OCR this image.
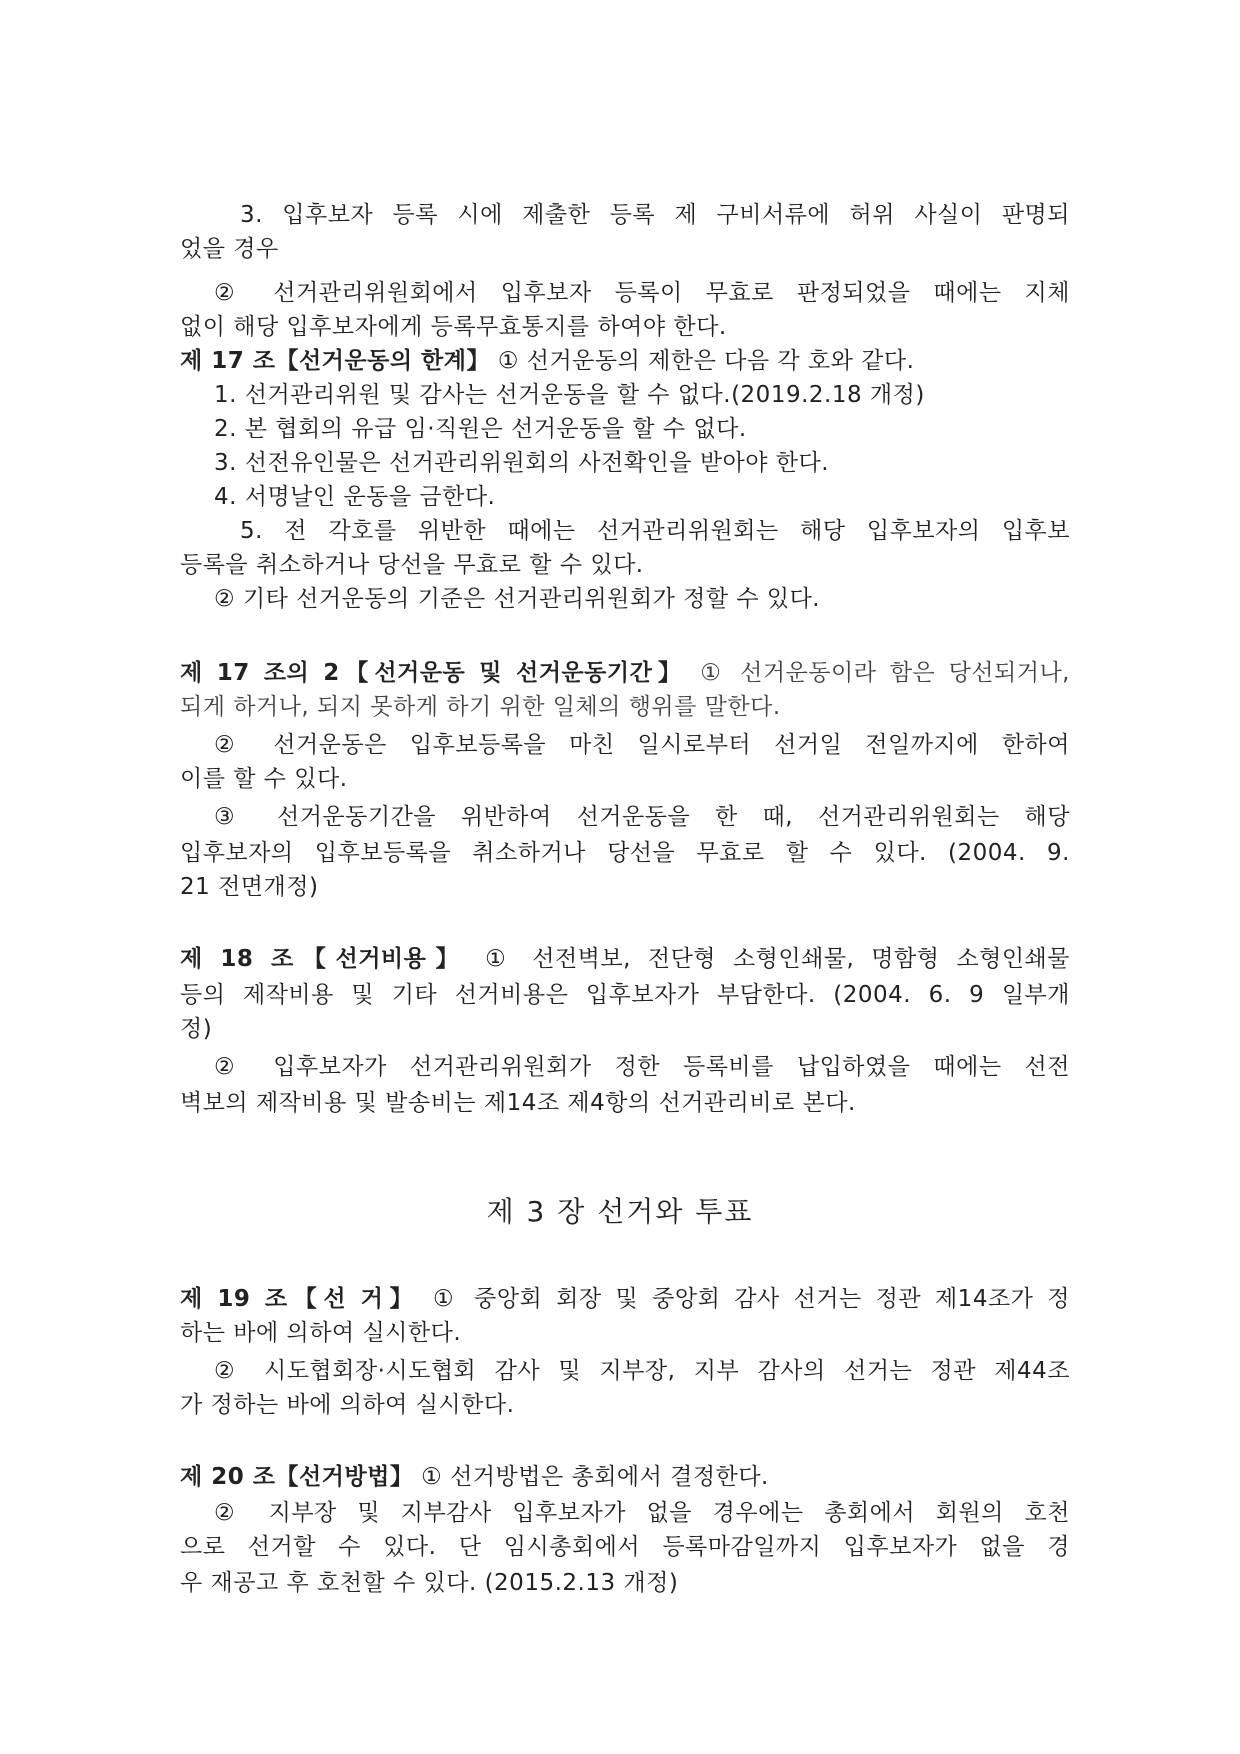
3. 입후보자 등록 시에 제출한 등록 제 구비서류에 허위 사실이 판명되
었을 경우
② 선거관리위원회에서 입후보자 등록이 무효로 판정되었을 때에는 지체
없이 해당 입후보자에게 등록무효통지를 하여야 한다.
제 17 조【선거운동의 한계】 ① 선거운동의 제한은 다음 각 호와 같다.
1. 선거관리위원 및 감사는 선거운동을 할 수 없다.(2019.2.18 개정)
2. 본 협회의 유급 임·직원은 선거운동을 할 수 없다.
3. 선전유인물은 선거관리위원회의 사전확인을 받아야 한다.
4. 서명날인 운동을 금한다.
5. 전 각호를 위반한 때에는 선거관리위원회는 해당 입후보자의 입후보
등록을 취소하거나 당선을 무효로 할 수 있다.
② 기타 선거운동의 기준은 선거관리위원회가 정할 수 있다.
제 17 조의 2【선거운동 및 선거운동기간】 ① 선거운동이라 함은 당선되거나,
되게 하거나, 되지 못하게 하기 위한 일체의 행위를 말한다.
② 선거운동은 입후보등록을 마친 일시로부터 선거일 전일까지에 한하여
이를 할 수 있다.
③ 선거운동기간을 위반하여 선거운동을 한 때, 선거관리위원회는 해당
입후보자의 입후보등록을 취소하거나 당선을 무효로 할 수 있다. (2004. 9.
21 전면개정)
제 18 조【선거비용】 ① 선전벽보, 전단형 소형인쇄물, 명함형 소형인쇄물
등의 제작비용 및 기타 선거비용은 입후보자가 부담한다. (2004. 6. 9 일부개
정)
② 입후보자가 선거관리위원회가 정한 등록비를 납입하였을 때에는 선전
벽보의 제작비용 및 발송비는 제14조 제4항의 선거관리비로 본다.
제 3 장 선거와 투표
제 19 조【선 거】 ① 중앙회 회장 및 중앙회 감사 선거는 정관 제14조가 정
하는 바에 의하여 실시한다.
② 시도협회장·시도협회 감사 및 지부장, 지부 감사의 선거는 정관 제44조
가 정하는 바에 의하여 실시한다.
제 20 조【선거방법】 ① 선거방법은 총회에서 결정한다.
② 지부장 및 지부감사 입후보자가 없을 경우에는 총회에서 회원의 호천
으로 선거할 수 있다. 단 임시총회에서 등록마감일까지 입후보자가 없을 경
우 재공고 후 호천할 수 있다. (2015.2.13 개정)
